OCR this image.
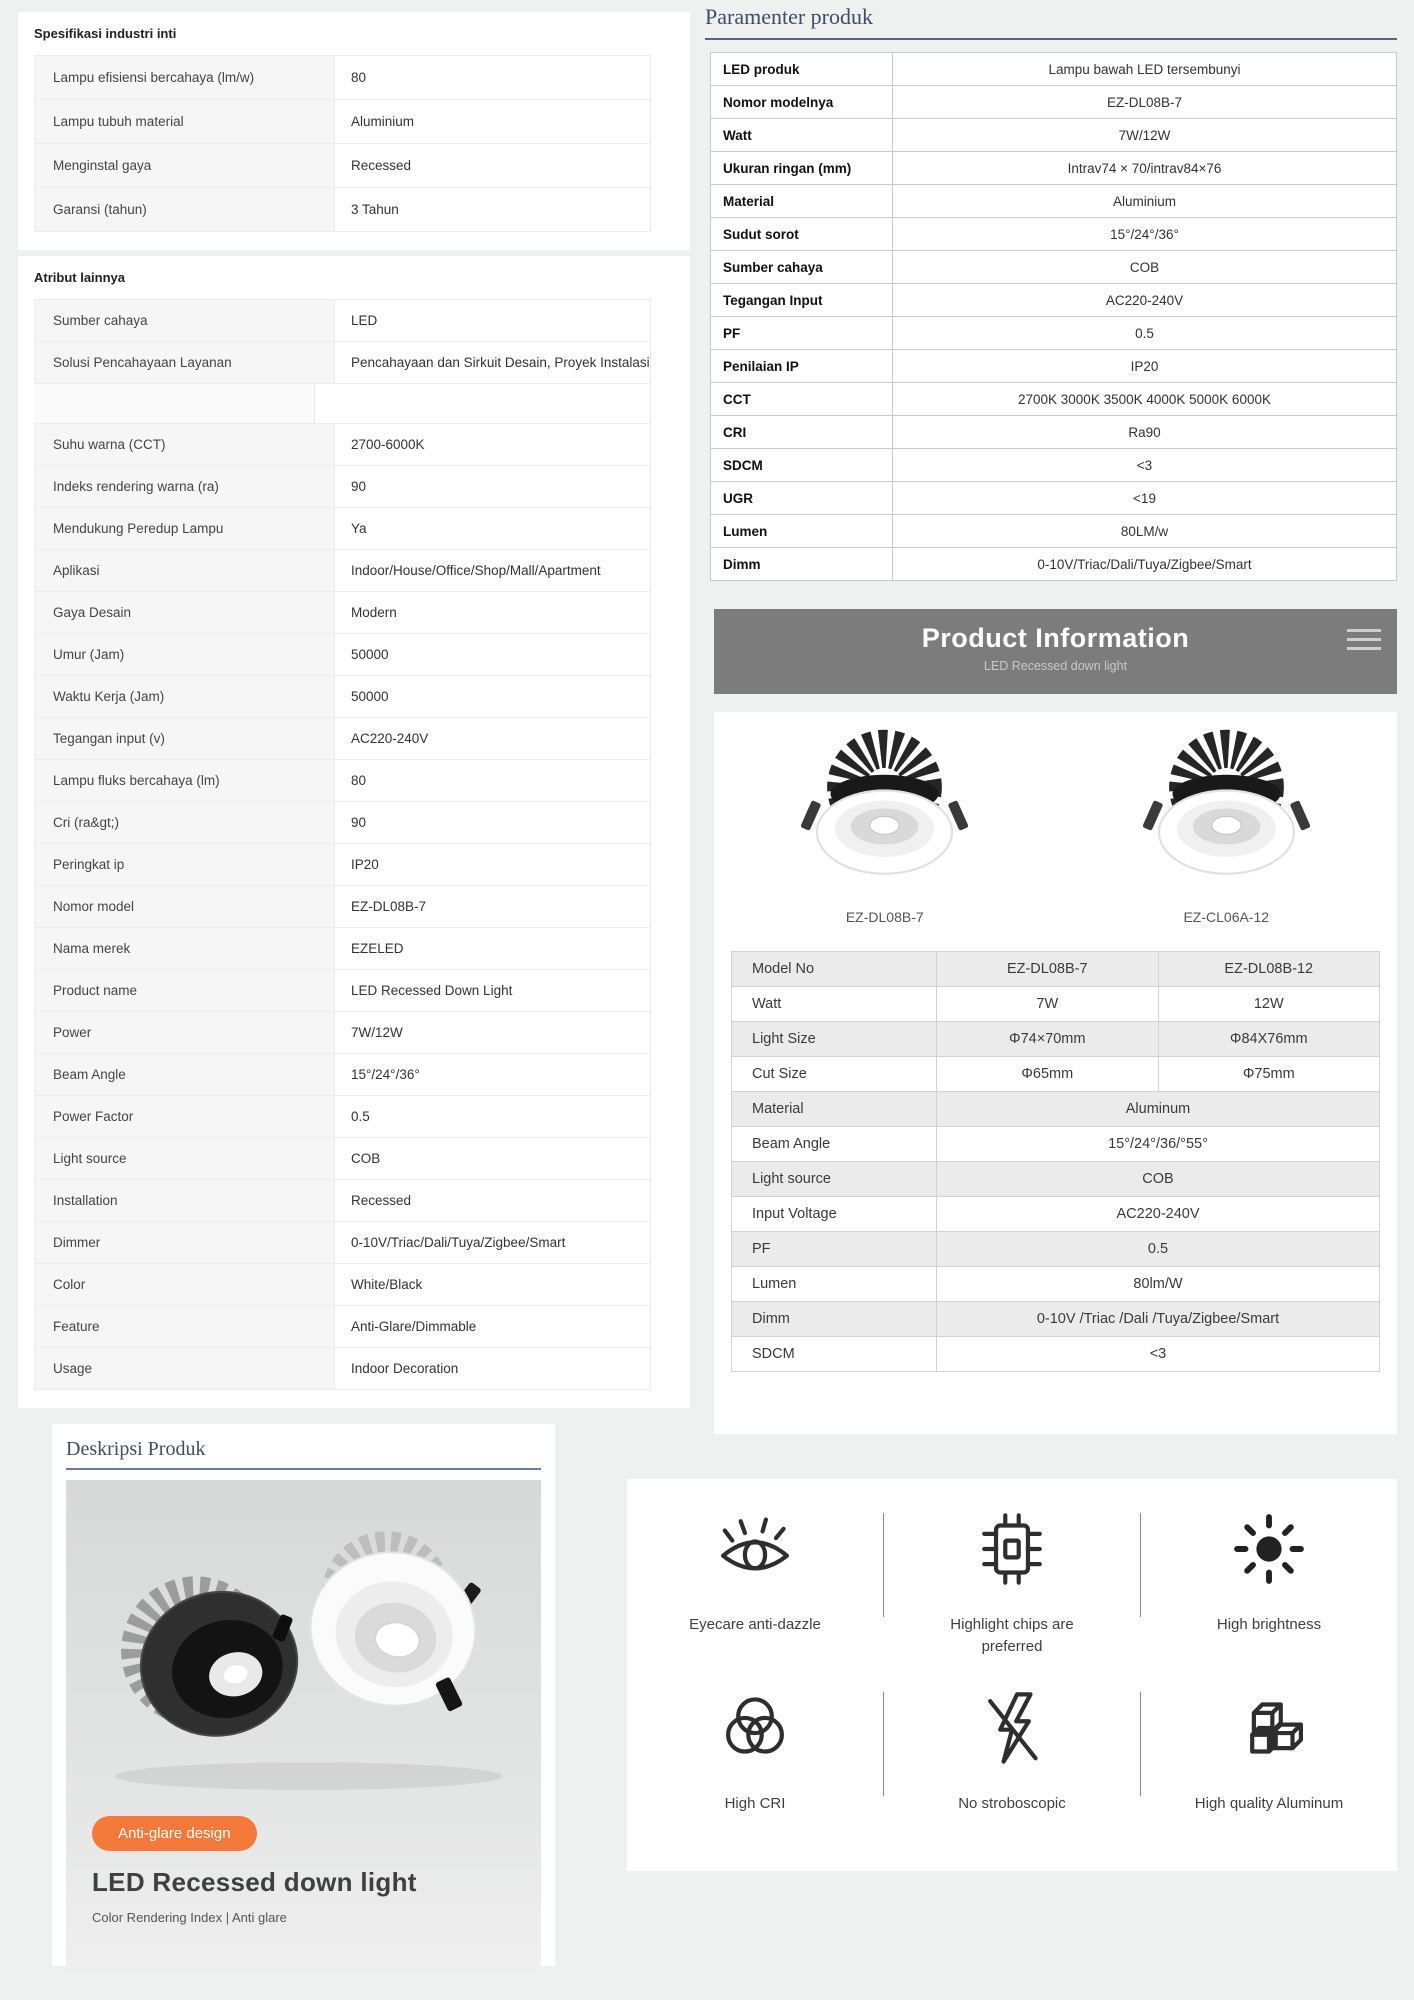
Spesifikasi industri inti
Lampu efisiensi bercahaya (lm/w)	80
Lampu tubuh material	Aluminium
Menginstal gaya	Recessed
Garansi (tahun)	3 Tahun
Atribut lainnya
Sumber cahaya	LED
Solusi Pencahayaan Layanan	Pencahayaan dan Sirkuit Desain, Proyek Instalasi
Suhu warna (CCT)	2700-6000K
Indeks rendering warna (ra)	90
Mendukung Peredup Lampu	Ya
Aplikasi	Indoor/House/Office/Shop/Mall/Apartment
Gaya Desain	Modern
Umur (Jam)	50000
Waktu Kerja (Jam)	50000
Tegangan input (v)	AC220-240V
Lampu fluks bercahaya (lm)	80
Cri (ra&gt;)	90
Peringkat ip	IP20
Nomor model	EZ-DL08B-7
Nama merek	EZELED
Product name	LED Recessed Down Light
Power	7W/12W
Beam Angle	15°/24°/36°
Power Factor	0.5
Light source	COB
Installation	Recessed
Dimmer	0-10V/Triac/Dali/Tuya/Zigbee/Smart
Color	White/Black
Feature	Anti-Glare/Dimmable
Usage	Indoor Decoration
Paramenter produk
LED produk	Lampu bawah LED tersembunyi
Nomor modelnya	EZ-DL08B-7
Watt	7W/12W
Ukuran ringan (mm)	Intrav74 × 70/intrav84×76
Material	Aluminium
Sudut sorot	15°/24°/36°
Sumber cahaya	COB
Tegangan Input	AC220-240V
PF	0.5
Penilaian IP	IP20
CCT	2700K 3000K 3500K 4000K 5000K 6000K
CRI	Ra90
SDCM	<3
UGR	<19
Lumen	80LM/w
Dimm	0-10V/Triac/Dali/Tuya/Zigbee/Smart
Product Information
LED Recessed down light
EZ-DL08B-7	EZ-CL06A-12
Model No	EZ-DL08B-7	EZ-DL08B-12
Watt	7W	12W
Light Size	Φ74×70mm	Φ84X76mm
Cut Size	Φ65mm	Φ75mm
Material	Aluminum
Beam Angle	15°/24°/36/°55°
Light source	COB
Input Voltage	AC220-240V
PF	0.5
Lumen	80lm/W
Dimm	0-10V /Triac /Dali /Tuya/Zigbee/Smart
SDCM	<3
Eyecare anti-dazzle	Highlight chips are preferred
High brightness
High CRI	No stroboscopic	High quality Aluminum
Deskripsi Produk
Anti-glare design
LED Recessed down light
Color Rendering Index | Anti glare
